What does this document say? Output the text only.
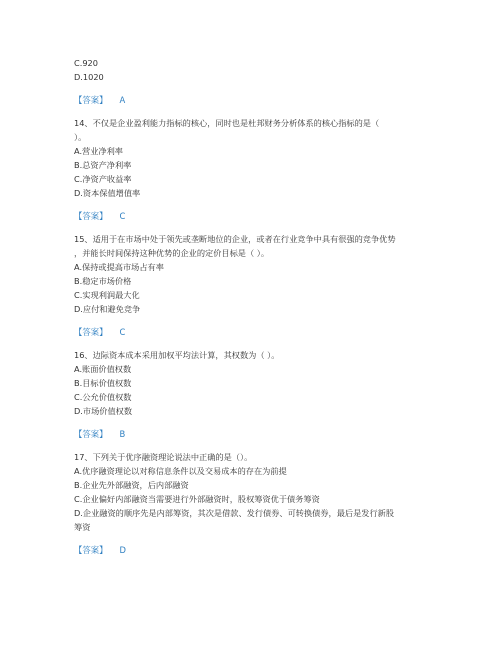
C.920
D.1020
【答案】 A
14、不仅是企业盈利能力指标的核心，同时也是杜邦财务分析体系的核心指标的是（
）。
A.营业净利率
B.总资产净利率
C.净资产收益率
D.资本保值增值率
【答案】 C
15、适用于在市场中处于领先或垄断地位的企业，或者在行业竞争中具有很强的竞争优势
，并能长时间保持这种优势的企业的定价目标是（ ）。
A.保持或提高市场占有率
B.稳定市场价格
C.实现利润最大化
D.应付和避免竞争
【答案】 C
16、边际资本成本采用加权平均法计算，其权数为（ ）。
A.账面价值权数
B.目标价值权数
C.公允价值权数
D.市场价值权数
【答案】 B
17、下列关于优序融资理论说法中正确的是（）。
A.优序融资理论以对称信息条件以及交易成本的存在为前提
B.企业先外部融资，后内部融资
C.企业偏好内部融资当需要进行外部融资时，股权筹资优于债务筹资
D.企业融资的顺序先是内部筹资，其次是借款、发行债券、可转换债券，最后是发行新股
筹资
【答案】 D
